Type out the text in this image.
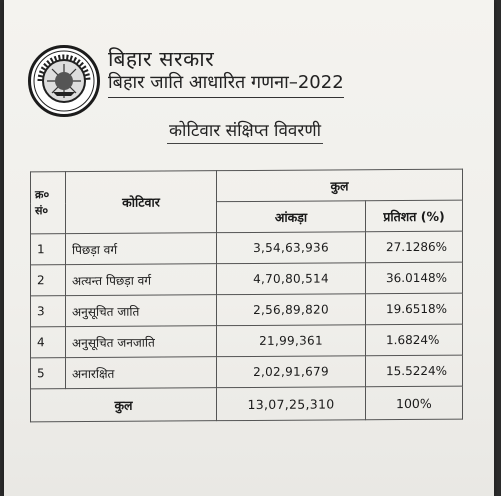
बिहार सरकार
बिहार जाति आधारित गणना–2022
कोटिवार संक्षिप्त विवरणी
क्र० सं०	कोटिवार	कुल	
		आंकड़ा	प्रतिशत (%)
1	पिछड़ा वर्ग	3,54,63,936	27.1286%
2	अत्यन्त पिछड़ा वर्ग	4,70,80,514	36.0148%
3	अनुसूचित जाति	2,56,89,820	19.6518%
4	अनुसूचित जनजाति	21,99,361	1.6824%
5	अनारक्षित	2,02,91,679	15.5224%
कुल		13,07,25,310	100%
